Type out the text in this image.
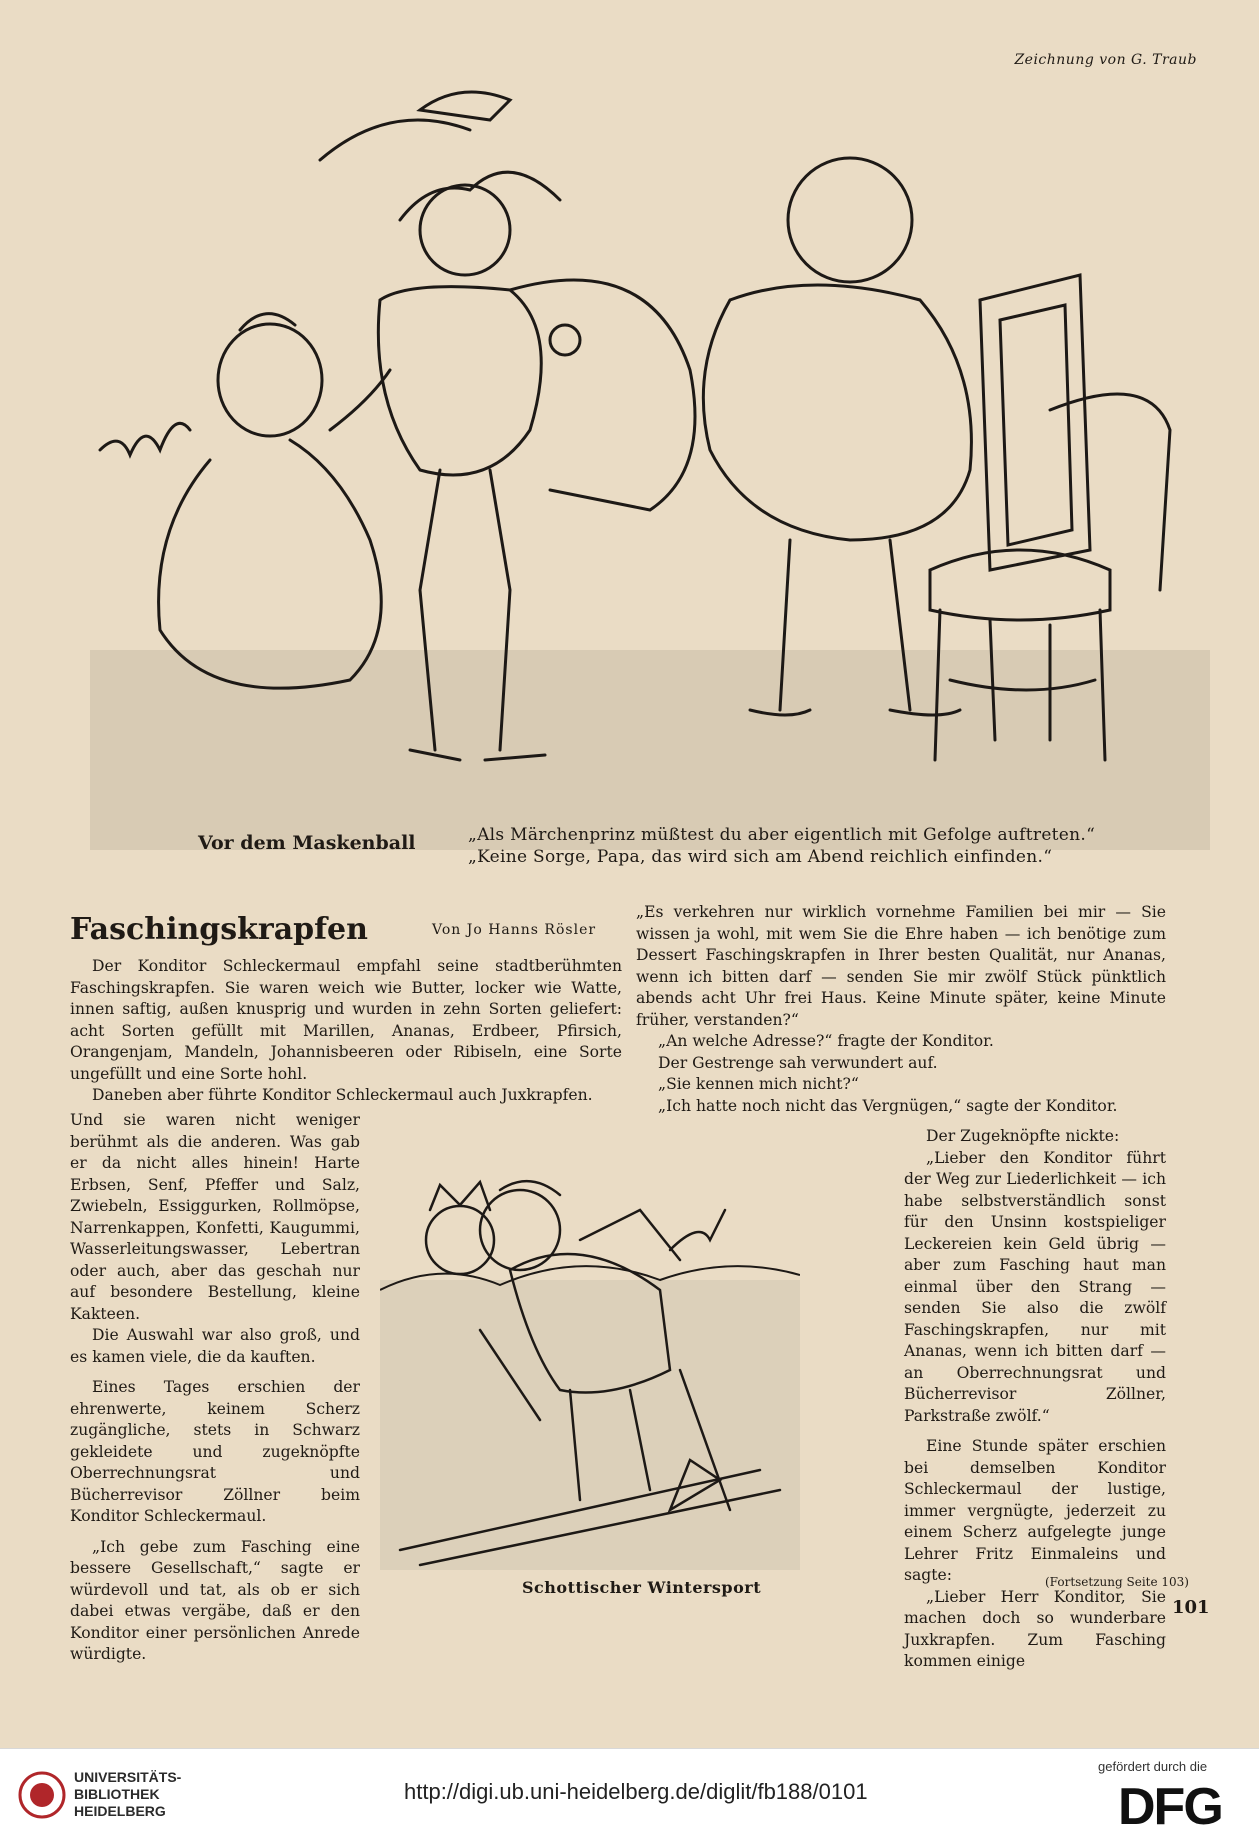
Zeichnung von G. Traub
Vor dem Maskenball	„Als Märchenprinz müßtest du aber eigentlich mit Gefolge auftreten.“
„Keine Sorge, Papa, das wird sich am Abend reichlich einfinden.“
Faschingskrapfen	Von Jo Hanns Rösler

Der Konditor Schleckermaul empfahl seine stadtberühmten Faschingskrapfen. Sie waren weich wie Butter, locker wie Watte, innen saftig, außen knusprig und wurden in zehn Sorten geliefert: acht Sorten gefüllt mit Marillen, Ananas, Erdbeer, Pfirsich, Orangenjam, Mandeln, Johannisbeeren oder Ribiseln, eine Sorte ungefüllt und eine Sorte hohl.

Daneben aber führte Konditor Schleckermaul auch Juxkrapfen.

Und sie waren nicht weniger berühmt als die anderen. Was gab er da nicht alles hinein! Harte Erbsen, Senf, Pfeffer und Salz, Zwiebeln, Essiggurken, Rollmöpse, Narrenkappen, Konfetti, Kaugummi, Wasserleitungswasser, Lebertran oder auch, aber das geschah nur auf besondere Bestellung, kleine Kakteen.

Die Auswahl war also groß, und es kamen viele, die da kauften.

Eines Tages erschien der ehrenwerte, keinem Scherz zugängliche, stets in Schwarz gekleidete und zugeknöpfte Oberrechnungsrat und Bücherrevisor Zöllner beim Konditor Schleckermaul.

„Ich gebe zum Fasching eine bessere Gesellschaft,“ sagte er würdevoll und tat, als ob er sich dabei etwas vergäbe, daß er den Konditor einer persönlichen Anrede würdigte.

„Es verkehren nur wirklich vornehme Familien bei mir — Sie wissen ja wohl, mit wem Sie die Ehre haben — ich benötige zum Dessert Faschingskrapfen in Ihrer besten Qualität, nur Ananas, wenn ich bitten darf — senden Sie mir zwölf Stück pünktlich abends acht Uhr frei Haus. Keine Minute später, keine Minute früher, verstanden?“

„An welche Adresse?“ fragte der Konditor.

Der Gestrenge sah verwundert auf.

„Sie kennen mich nicht?“

„Ich hatte noch nicht das Vergnügen,“ sagte der Konditor.

Der Zugeknöpfte nickte:

„Lieber den Konditor führt der Weg zur Liederlichkeit — ich habe selbstverständlich sonst für den Unsinn kostspieliger Leckereien kein Geld übrig — aber zum Fasching haut man einmal über den Strang — senden Sie also die zwölf Faschingskrapfen, nur mit Ananas, wenn ich bitten darf — an Oberrechnungsrat und Bücherrevisor Zöllner, Parkstraße zwölf.“

Eine Stunde später erschien bei demselben Konditor Schleckermaul der lustige, immer vergnügte, jederzeit zu einem Scherz aufgelegte junge Lehrer Fritz Einmaleins und sagte:

„Lieber Herr Konditor, Sie machen doch so wunderbare Juxkrapfen. Zum Fasching kommen einige

Schottischer Wintersport	(Fortsetzung Seite 103)
101
UNIVERSITÄTS-
BIBLIOTHEK
HEIDELBERG
http://digi.ub.uni-heidelberg.de/diglit/fb188/0101
gefördert durch die
DFG
